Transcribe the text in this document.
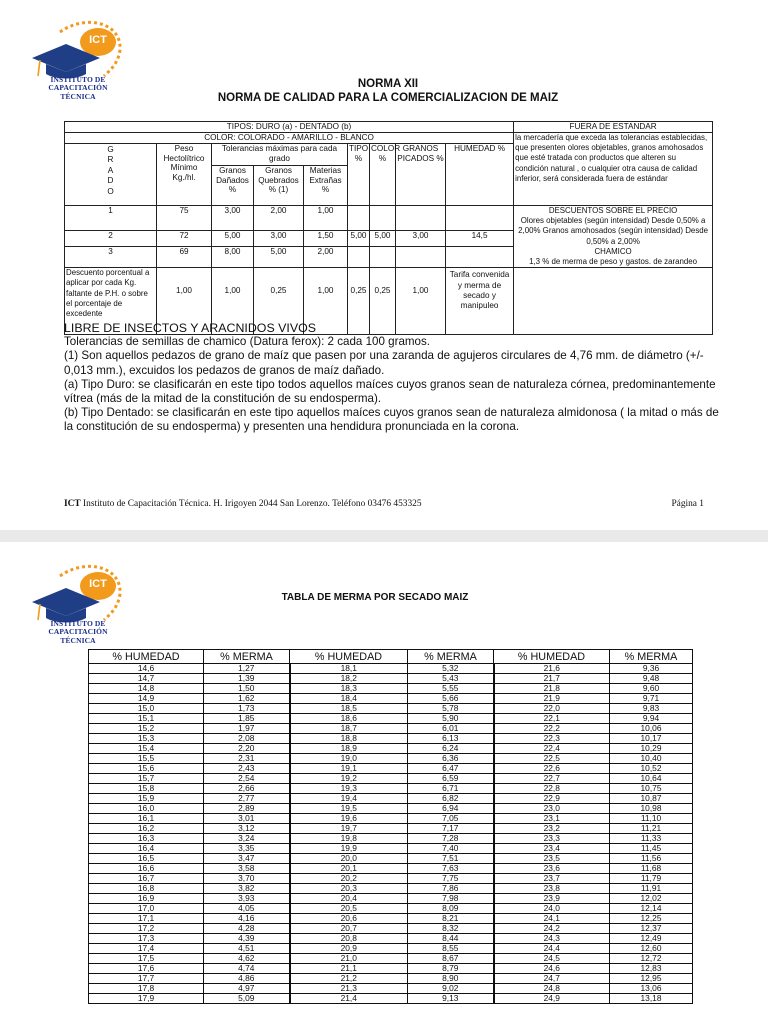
ICT
INSTITUTO DE
CAPACITACIÓN TÉCNICA
NORMA XII
NORMA DE CALIDAD PARA LA COMERCIALIZACION DE MAIZ
TIPOS: DURO (a) - DENTADO (b)									FUERA DE ESTANDAR
COLOR: COLORADO - AMARILLO - BLANCO									la mercadería que exceda las tolerancias establecidas, que presenten olores objetables, granos amohosados que esté tratada con productos que alteren su condición natural , o cualquier otra causa de calidad inferior, será considerada fuera de estándar
G
R
A
D
O	Peso Hectolítrico Mínimo Kg./hl.	Tolerancias máximas para cada grado			TIPO %	COLOR %	GRANOS PICADOS %	HUMEDAD %	
		Granos Dañados %	Granos Quebrados % (1)	Materias Extrañas %					
1	75	3,00	2,00	1,00					DESCUENTOS SOBRE EL PRECIO
Olores objetables (según intensidad) Desde 0,50% a 2,00% Granos amohosados (según intensidad) Desde 0,50% a 2,00%
CHAMICO
1,3 % de merma de peso y gastos. de zarandeo

2	72	5,00	3,00	1,50	5,00	5,00	3,00	14,5	
3	69	8,00	5,00	2,00					
Descuento porcentual a aplicar por cada Kg. faltante de P.H. o sobre el porcentaje de excedente	1,00	1,00	0,25	1,00	0,25	0,25	1,00	Tarifa convenida y merma de secado y manipuleo	
LIBRE DE INSECTOS Y ARACNIDOS VIVOS
Tolerancias de semillas de chamico (Datura ferox): 2 cada 100 gramos.
(1) Son aquellos pedazos de grano de maíz que pasen por una zaranda de agujeros circulares de 4,76 mm. de diámetro (+/- 0,013 mm.), excuidos los pedazos de granos de maíz dañado.
(a) Tipo Duro: se clasificarán en este tipo todos aquellos maíces cuyos granos sean de naturaleza córnea, predominantemente vítrea (más de la mitad de la constitución de su endosperma).
(b) Tipo Dentado: se clasificarán en este tipo aquellos maíces cuyos granos sean de naturaleza almidonosa ( la mitad o más de la constitución de su endosperma) y presenten una hendidura pronunciada en la corona.
ICT Instituto de Capacitación Técnica. H. Irigoyen 2044 San Lorenzo. Teléfono 03476 453325	Página 1
ICT
INSTITUTO DE
CAPACITACIÓN TÉCNICA
TABLA DE MERMA POR SECADO MAIZ
% HUMEDAD	% MERMA	% HUMEDAD	% MERMA	% HUMEDAD	% MERMA
14,6	1,27	18,1	5,32	21,6	9,36
14,7	1,39	18,2	5,43	21,7	9,48
14,8	1,50	18,3	5,55	21,8	9,60
14,9	1,62	18,4	5,66	21,9	9,71
15,0	1,73	18,5	5,78	22,0	9,83
15,1	1,85	18,6	5,90	22,1	9,94
15,2	1,97	18,7	6,01	22,2	10,06
15,3	2,08	18,8	6,13	22,3	10,17
15,4	2,20	18,9	6,24	22,4	10,29
15,5	2,31	19,0	6,36	22,5	10,40
15,6	2,43	19,1	6,47	22,6	10,52
15,7	2,54	19,2	6,59	22,7	10,64
15,8	2,66	19,3	6,71	22,8	10,75
15,9	2,77	19,4	6,82	22,9	10,87
16,0	2,89	19,5	6,94	23,0	10,98
16,1	3,01	19,6	7,05	23,1	11,10
16,2	3,12	19,7	7,17	23,2	11,21
16,3	3,24	19,8	7,28	23,3	11,33
16,4	3,35	19,9	7,40	23,4	11,45
16,5	3,47	20,0	7,51	23,5	11,56
16,6	3,58	20,1	7,63	23,6	11,68
16,7	3,70	20,2	7,75	23,7	11,79
16,8	3,82	20,3	7,86	23,8	11,91
16,9	3,93	20,4	7,98	23,9	12,02
17,0	4,05	20,5	8,09	24,0	12,14
17,1	4,16	20,6	8,21	24,1	12,25
17,2	4,28	20,7	8,32	24,2	12,37
17,3	4,39	20,8	8,44	24,3	12,49
17,4	4,51	20,9	8,55	24,4	12,60
17,5	4,62	21,0	8,67	24,5	12,72
17,6	4,74	21,1	8,79	24,6	12,83
17,7	4,86	21,2	8,90	24,7	12,95
17,8	4,97	21,3	9,02	24,8	13,06
17,9	5,09	21,4	9,13	24,9	13,18
